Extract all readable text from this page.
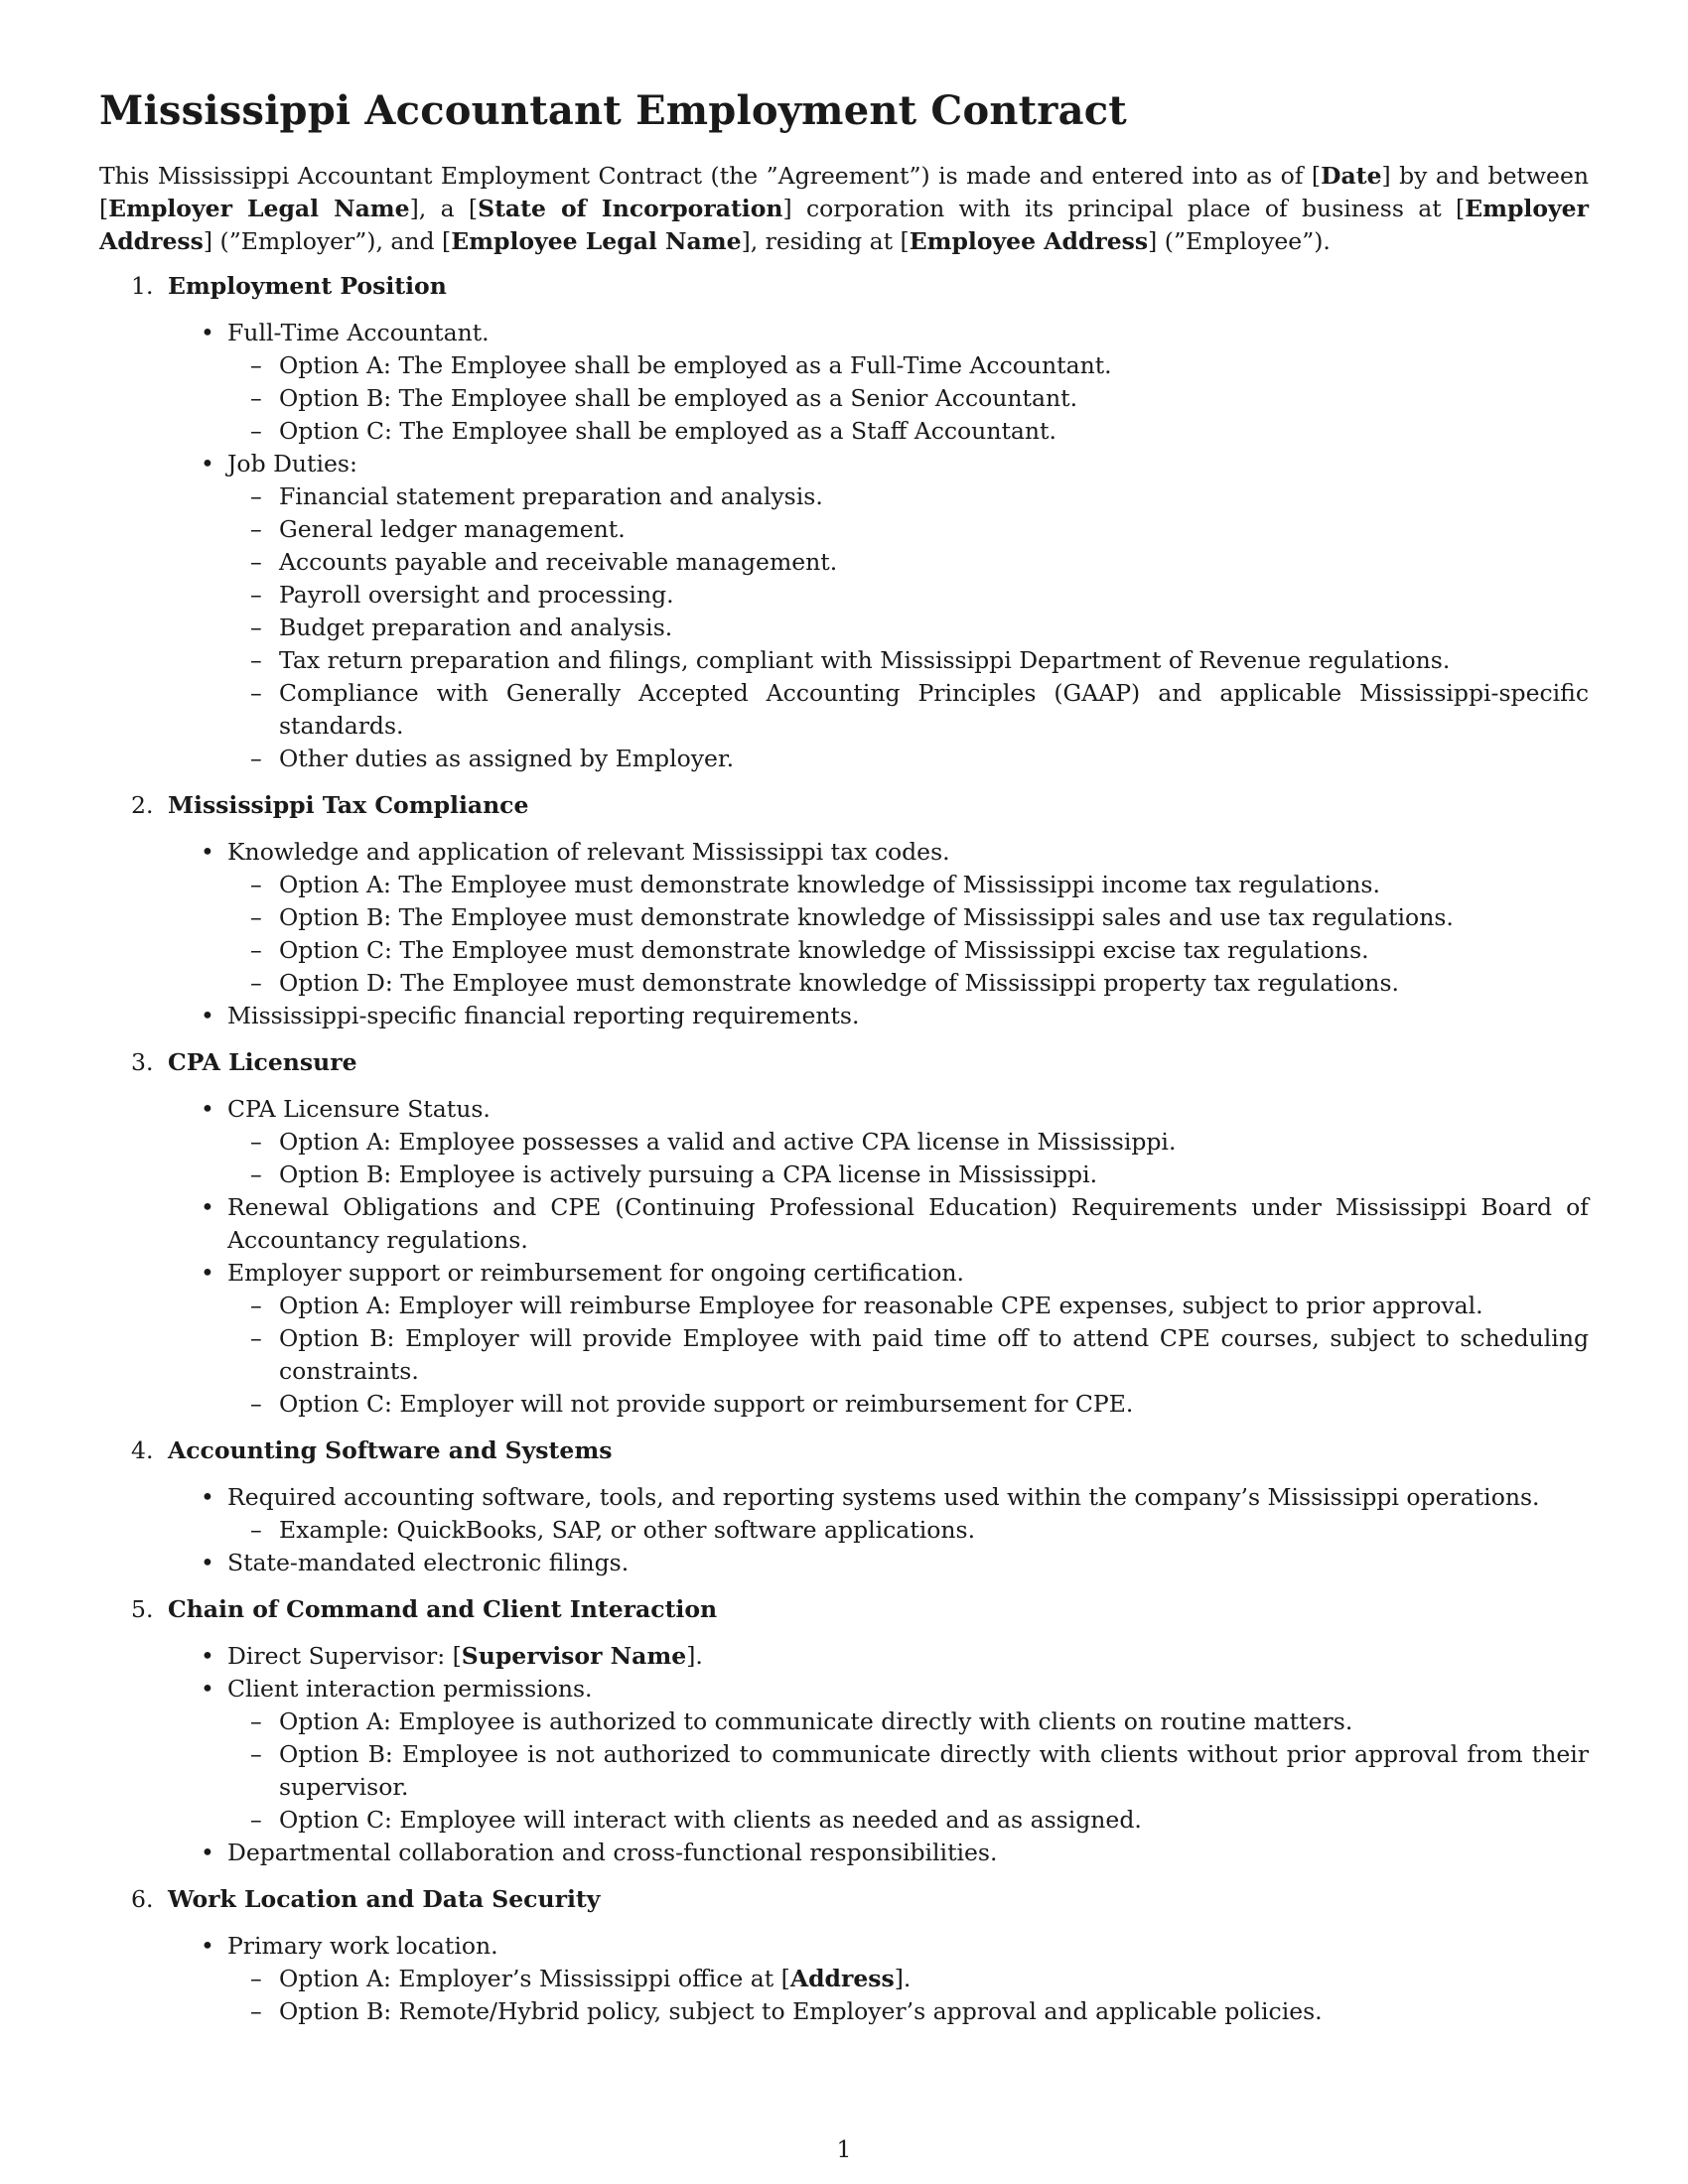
Mississippi Accountant Employment Contract

This Mississippi Accountant Employment Contract (the ”Agreement”) is made and entered into as of [Date] by and between [Employer Legal Name], a [State of Incorporation] corporation with its principal place of business at [Employer Address] (”Employer”), and [Employee Legal Name], residing at [Employee Address] (”Employee”).

1. Employment Position
• Full-Time Accountant.
– Option A: The Employee shall be employed as a Full-Time Accountant.
– Option B: The Employee shall be employed as a Senior Accountant.
– Option C: The Employee shall be employed as a Staff Accountant.
• Job Duties:
– Financial statement preparation and analysis.
– General ledger management.
– Accounts payable and receivable management.
– Payroll oversight and processing.
– Budget preparation and analysis.
– Tax return preparation and filings, compliant with Mississippi Department of Revenue regulations.
– Compliance with Generally Accepted Accounting Principles (GAAP) and applicable Mississippi-specific standards.
– Other duties as assigned by Employer.
2. Mississippi Tax Compliance
• Knowledge and application of relevant Mississippi tax codes.
– Option A: The Employee must demonstrate knowledge of Mississippi income tax regulations.
– Option B: The Employee must demonstrate knowledge of Mississippi sales and use tax regulations.
– Option C: The Employee must demonstrate knowledge of Mississippi excise tax regulations.
– Option D: The Employee must demonstrate knowledge of Mississippi property tax regulations.
• Mississippi-specific financial reporting requirements.
3. CPA Licensure
• CPA Licensure Status.
– Option A: Employee possesses a valid and active CPA license in Mississippi.
– Option B: Employee is actively pursuing a CPA license in Mississippi.
• Renewal Obligations and CPE (Continuing Professional Education) Requirements under Mississippi Board of Accountancy regulations.
• Employer support or reimbursement for ongoing certification.
– Option A: Employer will reimburse Employee for reasonable CPE expenses, subject to prior approval.
– Option B: Employer will provide Employee with paid time off to attend CPE courses, subject to scheduling constraints.
– Option C: Employer will not provide support or reimbursement for CPE.
4. Accounting Software and Systems
• Required accounting software, tools, and reporting systems used within the company’s Mississippi operations.
– Example: QuickBooks, SAP, or other software applications.
• State-mandated electronic filings.
5. Chain of Command and Client Interaction
• Direct Supervisor: [Supervisor Name].
• Client interaction permissions.
– Option A: Employee is authorized to communicate directly with clients on routine matters.
– Option B: Employee is not authorized to communicate directly with clients without prior approval from their supervisor.
– Option C: Employee will interact with clients as needed and as assigned.
• Departmental collaboration and cross-functional responsibilities.
6. Work Location and Data Security
• Primary work location.
– Option A: Employer’s Mississippi office at [Address].
– Option B: Remote/Hybrid policy, subject to Employer’s approval and applicable policies.
1
